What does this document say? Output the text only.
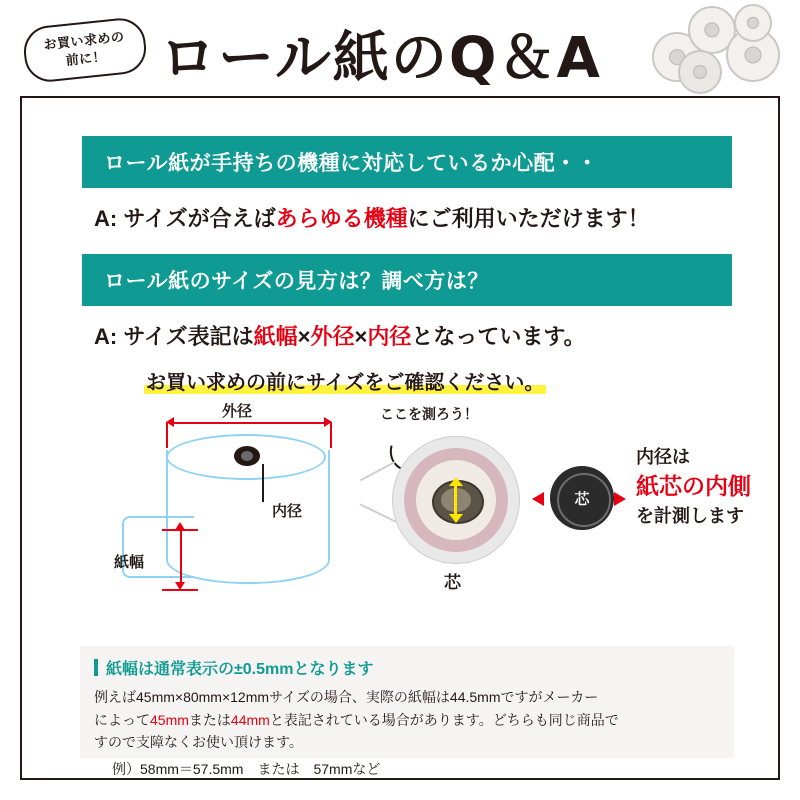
お買い求めの
前に！ ロール紙のQ＆A
ロール紙が手持ちの機種に対応しているか心配・・
A: サイズが合えばあらゆる機種にご利用いただけます！
ロール紙のサイズの見方は？調べ方は？
A: サイズ表記は紙幅×外径×内径となっています。
お買い求めの前にサイズをご確認ください。
外径
内径
紙幅
ここを測ろう！
芯
芯
内径は
紙芯の内側
を計測します
紙幅は通常表示の±0.5mmとなります
例えば45mm×80mm×12mmサイズの場合、実際の紙幅は44.5mmですがメーカー
によって45mmまたは44mmと表記されている場合があります。どちらも同じ商品で
すので支障なくお使い頂けます。
例）58mm＝57.5mm　または　57mmなど
